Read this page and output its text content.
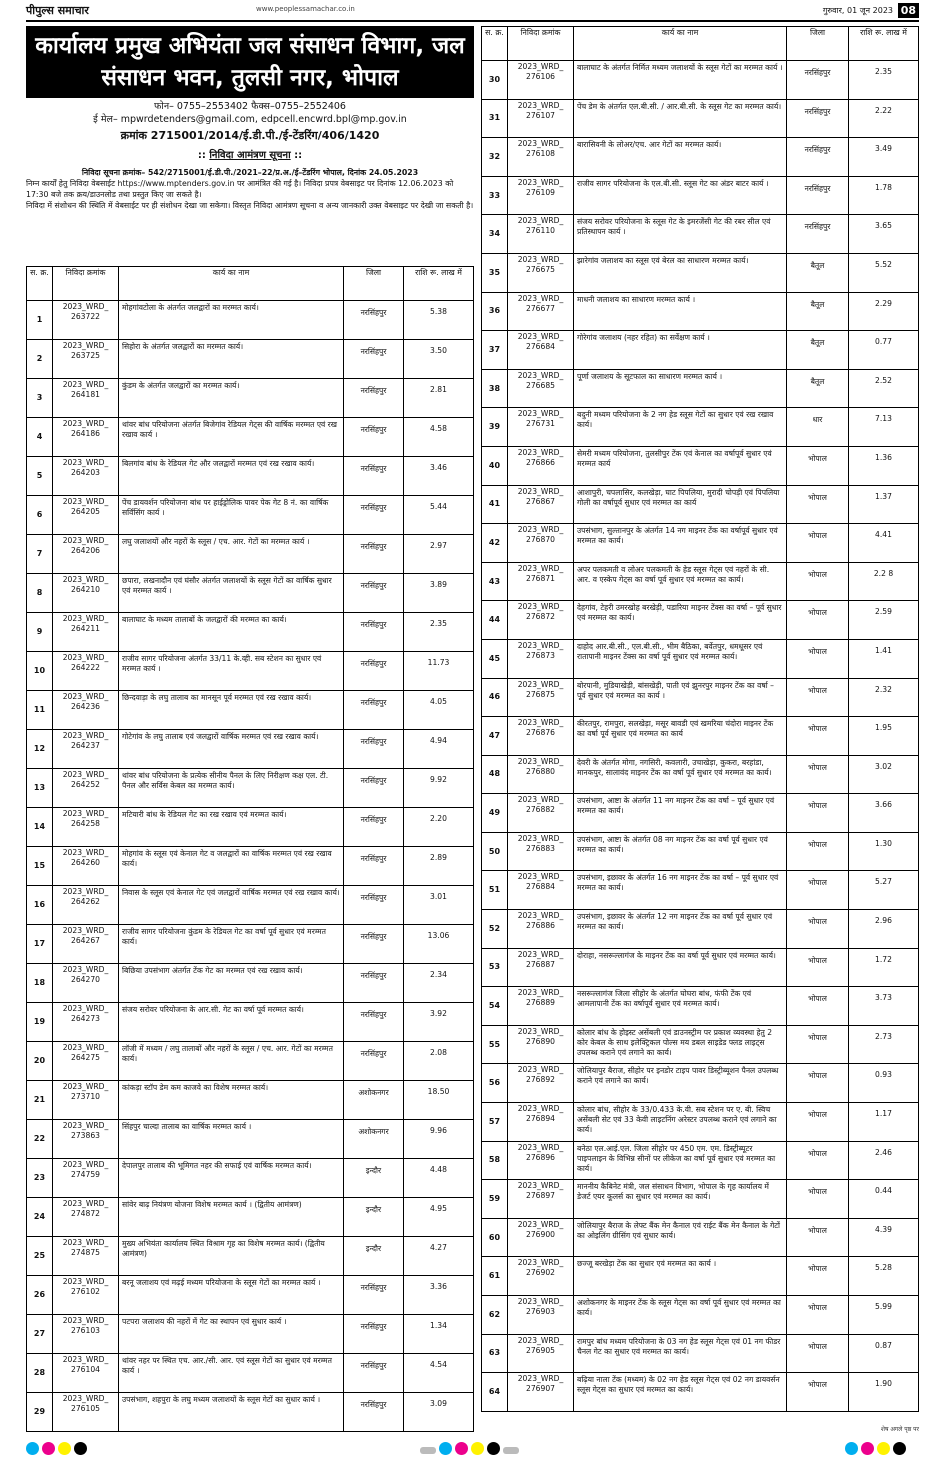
पीपुल्स समाचार	www.peoplessamachar.co.in	गुरुवार, 01 जून 2023 08
कार्यालय प्रमुख अभियंता जल संसाधन विभाग, जल संसाधन भवन, तुलसी नगर, भोपाल
फोन– 0755–2553402 फैक्स–0755–2552406
ई मेल– mpwrdetenders@gmail.com, edpcell.encwrd.bpl@mp.gov.in
क्रमांक 2715001/2014/ई.डी.पी./ई-टेंडरिंग/406/1420
:: निविदा आमंत्रण सूचना ::

निविदा सूचना क्रमांक– 542/2715001/ई.डी.पी./2021–22/प्र.अ./ई–टेंडरिंग भोपाल, दिनांक 24.05.2023

निम्न कार्यों हेतु निविदा वेबसाईट https://www.mptenders.gov.in पर आमंत्रित की गई है। निविदा प्रपत्र वेबसाइट पर दिनांक 12.06.2023 को 17:30 बजे तक क्रय/डाउनलोड तथा प्रस्तुत किए जा सकते है।

निविदा में संशोधन की स्थिति में वेबसाईट पर ही संशोधन देखा जा सकेगा। विस्तृत निविदा आमंत्रण सूचना व अन्य जानकारी उक्त वेबसाइट पर देखी जा सकती है।

स. क्र.	निविदा क्रमांक	कार्य का नाम	जिला	राशि रू. लाख में
1	2023_WRD_ 263722	मोहगांवटोला के अंतर्गत जलद्वारों का मरम्मत कार्य।	नरसिंहपुर	5.38
2	2023_WRD_ 263725	सिहोरा के अंतर्गत जलद्वारों का मरम्मत कार्य।	नरसिंहपुर	3.50
3	2023_WRD_ 264181	कुंडम के अंतर्गत जलद्वारों का मरम्मत कार्य।	नरसिंहपुर	2.81
4	2023_WRD_ 264186	थांवर बांध परियोजना अंतर्गत बिजेगांव रेडियल गेट्स की वार्षिक मरम्मत एवं रख रखाव कार्य ।	नरसिंहपुर	4.58
5	2023_WRD_ 264203	बिलगांव बांध के रेडियल गेट और जलद्वारों मरम्मत एवं रख रखाव कार्य।	नरसिंहपुर	3.46
6	2023_WRD_ 264205	पेंच डायवर्शन परियोजना बांध पर हाईड्रोलिक पावर पेक गेट 8 नं. का वार्षिक सर्विसिंग कार्य ।	नरसिंहपुर	5.44
7	2023_WRD_ 264206	लघु जलाशयों और नहरों के स्लूस / एच. आर. गेटों का मरम्मत कार्य ।	नरसिंहपुर	2.97
8	2023_WRD_ 264210	छपारा, लखनादौन एवं घंसौर अंतर्गत जलाशयों के स्लूस गेटों का वार्षिक सुधार एवं मरम्मत कार्य ।	नरसिंहपुर	3.89
9	2023_WRD_ 264211	बालाघाट के मध्यम तालाबों के जलद्वारों की मरम्मत का कार्य।	नरसिंहपुर	2.35
10	2023_WRD_ 264222	राजीव सागर परियोजना अंतर्गत 33/11 के.व्ही. सब स्टेशन का सुधार एवं मरम्मत कार्य ।	नरसिंहपुर	11.73
11	2023_WRD_ 264236	छिन्दवाड़ा के लघु तालाब का मानसून पूर्व मरम्मत एवं रख रखाव कार्य।	नरसिंहपुर	4.05
12	2023_WRD_ 264237	गोटेगांव के लघु तालाब एवं जलद्वारों वार्षिक मरम्मत एवं रख रखाव कार्य।	नरसिंहपुर	4.94
13	2023_WRD_ 264252	थांवर बांध परियोजना के प्रत्येक सीनीय पैनल के लिए निरीक्षण कक्ष एल. टी. पैनल और सर्विस केबल का मरम्मत कार्य।	नरसिंहपुर	9.92
14	2023_WRD_ 264258	मटियारी बांध के रेडियल गेट का रख रखाव एवं मरम्मत कार्य।	नरसिंहपुर	2.20
15	2023_WRD_ 264260	मोहगांव के स्लूस एवं केनाल गेट व जलद्वारों का वार्षिक मरम्मत एवं रख रखाव कार्य।	नरसिंहपुर	2.89
16	2023_WRD_ 264262	निवास के स्लूस एवं केनाल गेट एवं जलद्वारों वार्षिक मरम्मत एवं रख रखाव कार्य।	नरसिंहपुर	3.01
17	2023_WRD_ 264267	राजीव सागर परियोजना कुंडम के रेडियल गेट का वर्षा पूर्व सुधार एवं मरम्मत कार्य।	नरसिंहपुर	13.06
18	2023_WRD_ 264270	बिछिया उपसंभाग अंतर्गत टेंक गेट का मरम्मत एवं रख रखाव कार्य।	नरसिंहपुर	2.34
19	2023_WRD_ 264273	संजय सरोवर परियोजना के आर.सी. गेट का वर्षा पूर्व मरम्मत कार्य।	नरसिंहपुर	3.92
20	2023_WRD_ 264275	लॉजी में मध्यम / लघु तालाबों और नहरों के स्लूस / एच. आर. गेटों का मरम्मत कार्य।	नरसिंहपुर	2.08
21	2023_WRD_ 273710	कांकड़ा स्टॉप डेम कम काजवे का विशेष मरम्मत कार्य।	अशोकनगर	18.50
22	2023_WRD_ 273863	सिंहपुर चाल्दा तालाब का वार्षिक मरम्मत कार्य ।	अशोकनगर	9.96
23	2023_WRD_ 274759	देपालपुर तालाब की भूमिगत नहर की सफाई एवं वार्षिक मरम्मत कार्य।	इन्दौर	4.48
24	2023_WRD_ 274872	सांवेर बाढ़ नियंत्रण योजना विशेष मरम्मत कार्य । (द्वितीय आमंत्रण)	इन्दौर	4.95
25	2023_WRD_ 274875	मुख्य अभियंता कार्यालय स्थित विश्राम गृह का विशेष मरम्मत कार्य। (द्वितीय आमंत्रण)	इन्दौर	4.27
26	2023_WRD_ 276102	बरनू जलाशय एवं मढ़ई मध्यम परियोजना के स्लूस गेटों का मरम्मत कार्य ।	नरसिंहपुर	3.36
27	2023_WRD_ 276103	पटपरा जलाशय की नहरों में गेट का स्थापन एवं सुधार कार्य ।	नरसिंहपुर	1.34
28	2023_WRD_ 276104	थांवर नहर पर स्थित एच. आर./सी. आर. एवं स्लूस गेटों का सुधार एवं मरम्मत कार्य ।	नरसिंहपुर	4.54
29	2023_WRD_ 276105	उपसंभाग, शहपुरा के लघु मध्यम जलाशयों के स्लूस गेटों का सुधार कार्य ।	नरसिंहपुर	3.09
स. क्र.	निविदा क्रमांक	कार्य का नाम	जिला	राशि रू. लाख में
30	2023_WRD_ 276106	बालाघाट के अंतर्गत निर्मित मध्यम जलाशयों के स्लूस गेटों का मरम्मत कार्य ।	नरसिंहपुर	2.35
31	2023_WRD_ 276107	पेंच डेम के अंतर्गत एल.बी.सी. / आर.बी.सी. के स्लूस गेट का मरम्मत कार्य।	नरसिंहपुर	2.22
32	2023_WRD_ 276108	बारासिवनी के लोअर/एच. आर गेटों का मरम्मत कार्य।	नरसिंहपुर	3.49
33	2023_WRD_ 276109	राजीव सागर परियोजना के एल.बी.सी. स्लूस गेट का अंडर बाटर कार्य ।	नरसिंहपुर	1.78
34	2023_WRD_ 276110	संजय सरोवर परियोजना के स्लूस गेट के इमरजेंसी गेट की रबर सील एवं प्रतिस्थापन कार्य ।	नरसिंहपुर	3.65
35	2023_WRD_ 276675	झारेगांव जलाशय का स्लूस एवं बेरल का साधारण मरम्मत कार्य।	बैतूल	5.52
36	2023_WRD_ 276677	माधनी जलाशय का साधारण मरम्मत कार्य ।	बैतूल	2.29
37	2023_WRD_ 276684	गोरेगांव जलाशय (नहर रहित) का सर्वेक्षण कार्य ।	बैतूल	0.77
38	2023_WRD_ 276685	पूर्णा जलाशय के सूटफाल का साधारण मरम्मत कार्य ।	बैतूल	2.52
39	2023_WRD_ 276731	बदुनी मध्यम परियोजना के 2 नग हेड स्लूस गेटों का सुधार एवं रख रखाव कार्य।	धार	7.13
40	2023_WRD_ 276866	सेमरी मध्यम परियोजना, तुलसीपुर टेंक एवं केनाल का वर्षापूर्व सुधार एवं मरम्मत कार्य	भोपाल	1.36
41	2023_WRD_ 276867	आशापुरी, चपलासिर, कलखेड़ा, घाट पिपलिया, मुरादी चोपड़ी एवं पिपलिया गोली का वर्षापूर्व सुधार एवं मरम्मत का कार्य	भोपाल	1.37
42	2023_WRD_ 276870	उपसंभाग, सुल्तानपुर के अंतर्गत 14 नग माइनर टेंक का वर्षापूर्व सुधार एवं मरम्मत का कार्य।	भोपाल	4.41
43	2023_WRD_ 276871	अपर पलकमती व लोअर पलकमती के हेड स्लूस गेट्स एवं नहरों के सी. आर. व एस्केप गेट्स का वर्षा पूर्व सुधार एवं मरम्मत का कार्य।	भोपाल	2.2 8
44	2023_WRD_ 276872	देहगांव, टेहरी उमरखोह बरखेड़ी, पडारिया माइनर टेंक्स का वर्षा – पूर्व सुधार एवं मरम्मत का कार्य।	भोपाल	2.59
45	2023_WRD_ 276873	दाहोद आर.बी.सी., एल.बी.सी., भीम बैठिका, बर्वेतपुर, धमधूसर एवं रातापानी माइनर टेंक्स का वर्षा पूर्व सुधार एवं मरम्मत कार्य।	भोपाल	1.41
46	2023_WRD_ 276875	बोरपानी, मुडियाखेड़ी, बांसखेड़ी, पाती एवं झुनरपुर माइनर टेंक का वर्षा – पूर्व सुधार एवं मरम्मत का कार्य ।	भोपाल	2.32
47	2023_WRD_ 276876	कीरतपुर, रामपुरा, सलखेड़ा, मसूर बावडी एवं खमरिया चंदोरा माइनर टेंक का वर्षा पूर्व सुधार एवं मरम्मत का कार्य	भोपाल	1.95
48	2023_WRD_ 276880	देवरी के अंतर्गत मोगा, नगसिरी, कवलारी, उचाखेड़ा, कुकरा, बरहांडा, मानकपुर, सालावंद माइनर टेंक का वर्षा पूर्व सुधार एवं मरम्मत का कार्य।	भोपाल	3.02
49	2023_WRD_ 276882	उपसंभाग, आष्टा के अंतर्गत 11 नग माइनर टेंक का वर्षा – पूर्व सुधार एवं मरम्मत का कार्य।	भोपाल	3.66
50	2023_WRD_ 276883	उपसंभाग, आष्टा के अंतर्गत 08 नग माइनर टेंक का वर्षा पूर्व सुधार एवं मरम्मत का कार्य।	भोपाल	1.30
51	2023_WRD_ 276884	उपसंभाग, इछावर के अंतर्गत 16 नग माइनर टेंक का वर्षा – पूर्व सुधार एवं मरम्मत का कार्य।	भोपाल	5.27
52	2023_WRD_ 276886	उपसंभाग, इछावर के अंतर्गत 12 नग माइनर टेंक का वर्षा पूर्व सुधार एवं मरम्मत का कार्य।	भोपाल	2.96
53	2023_WRD_ 276887	दोराहा, नसरूल्लागंज के माइनर टेंक का वर्षा पूर्व सुधार एवं मरम्मत कार्य।	भोपाल	1.72
54	2023_WRD_ 276889	नसरूल्लागंज जिला सीहोर के अंतर्गत घोघरा बांध, फंफी टेंक एवं आमलापानी टेंक का वर्षापूर्व सुधार एवं मरम्मत कार्य।	भोपाल	3.73
55	2023_WRD_ 276890	कोलार बांध के होइस्ट असेंबली एवं डाउनस्ट्रीम पर प्रकाश व्यवस्था हेतु 2 कोर केबल के साथ इलेक्ट्रिकल पोल्स मय डबल साइडेड फ्लड लाइट्स उपलब्ध कराने एवं लगाने का कार्य।	भोपाल	2.73
56	2023_WRD_ 276892	जोलियापुर बैराज, सीहोर पर इनडोर टाइप पावर डिस्ट्रीब्यूशन पैनल उपलब्ध कराने एवं लगाने का कार्य।	भोपाल	0.93
57	2023_WRD_ 276894	कोलार बांध, सीहोर के 33/0.433 के.वी. सब स्टेशन पर ए. बी. स्विच असेंबली सेट एवं 33 केवी लाइटनिंग अरेस्टर उपलब्ध कराने एवं लगाने का कार्य।	भोपाल	1.17
58	2023_WRD_ 276896	बनेठा एल.आई.एल. जिला सीहोर पर 450 एम. एम. डिस्ट्रीब्यूटर पाइपलाइन के विभिन्न सीनों पर लीकेज का वर्षा पूर्व सुधार एवं मरम्मत का कार्य।	भोपाल	2.46
59	2023_WRD_ 276897	माननीय कैबिनेट मंत्री, जल संसाधन विभाग, भोपाल के गृह कार्यालय में डेजर्ट एयर कूलर्स का सुधार एवं मरम्मत का कार्य।	भोपाल	0.44
60	2023_WRD_ 276900	जोलियापुर बैराज के लेफ्ट बैंक मेन कैनाल एवं राईट बैंक मेन कैनाल के गेटों का ओइलिंग ग्रीसिंग एवं सुधार कार्य।	भोपाल	4.39
61	2023_WRD_ 276902	छज्जू बरखेड़ा टेंक का सुधार एवं मरम्मत का कार्य ।	भोपाल	5.28
62	2023_WRD_ 276903	अशोकनगर के माइनर टेंक के स्लूस गेट्स का वर्षा पूर्व सुधार एवं मरम्मत का कार्य।	भोपाल	5.99
63	2023_WRD_ 276905	रामपुर बांध मध्यम परियोजना के 03 नग हेड स्लूस गेट्स एवं 01 नग फीडर चैनल गेट का सुधार एवं मरम्मत का कार्य।	भोपाल	0.87
64	2023_WRD_ 276907	बढ़िया नाला टेंक (मध्यम) के 02 नग हेड स्लूस गेट्स एवं 02 नग डायवर्सन स्लूस गेट्स का सुधार एवं मरम्मत का कार्य।	भोपाल	1.90
शेष अगले पृष्ठ पर
